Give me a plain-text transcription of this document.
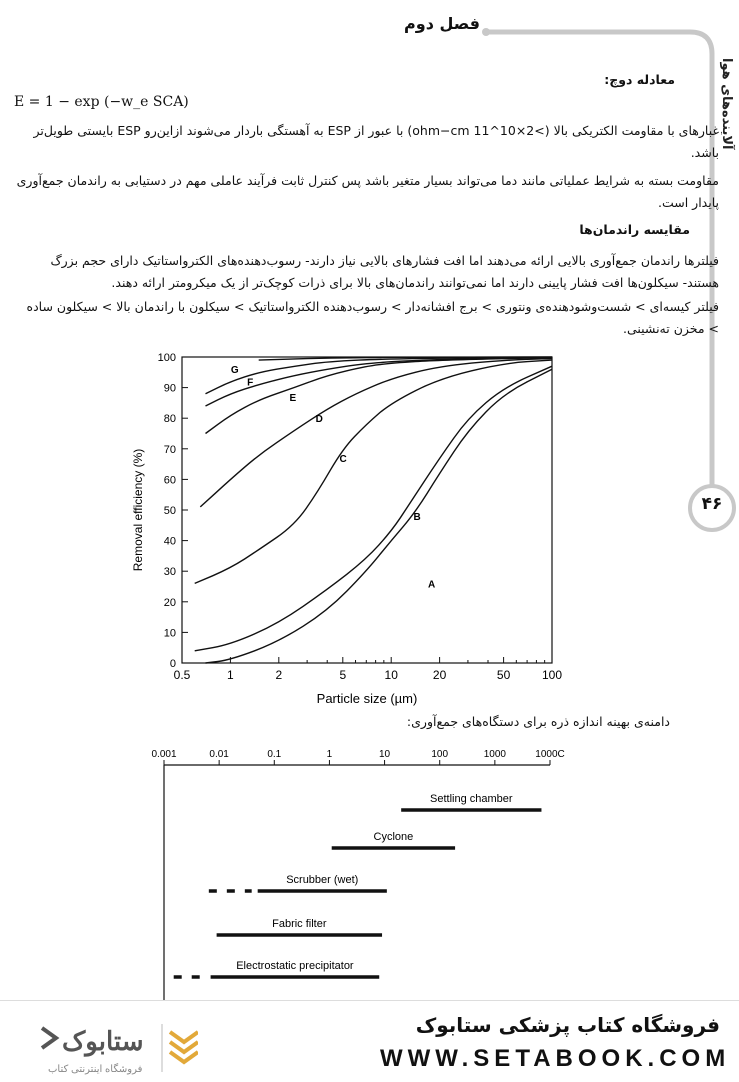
فصل دوم
آلاینده‌های هوا
۴۶
معادله دوچ:
E = 1 − exp (−w_e SCA)
غبارهای با مقاومت الکتریکی بالا (>2×10^11 ohm−cm) با عبور از ESP به آهستگی باردار می‌شوند ازاین‌رو ESP بایستی طویل‌تر باشد.
مقاومت بسته به شرایط عملیاتی مانند دما می‌تواند بسیار متغیر باشد پس کنترل ثابت فرآیند عاملی مهم در دستیابی به راندمان جمع‌آوری پایدار است.
مقایسه راندمان‌ها
فیلترها راندمان جمع‌آوری بالایی ارائه می‌دهند اما افت فشارهای بالایی نیاز دارند- رسوب‌دهنده‌های الکترواستاتیک دارای حجم بزرگ هستند- سیکلون‌ها افت فشار پایینی دارند اما نمی‌توانند راندمان‌های بالا برای ذرات کوچک‌تر از یک میکرومتر ارائه دهند.
فیلتر کیسه‌ای > شست‌وشودهنده‌ی ونتوری > برج افشانه‌دار > رسوب‌دهنده الکترواستاتیک > سیکلون با راندمان بالا > سیکلون ساده > مخزن ته‌نشینی.
0
10
20
30
40
50
60
70
80
90
100
0.5	1	2	5	10	20	50	100
A
B
C
D
E
F
G
Particle size (µm)
Removal efficiency (%)
دامنه‌ی بهینه اندازه ذره برای دستگاه‌های جمع‌آوری:
0.001	0.01	0.1	1	10	100	1000	1000C
Settling chamber
Cyclone
Scrubber (wet)
Fabric filter
Electrostatic precipitator
ستابوک
فروشگاه اینترنتی کتاب
فروشگاه کتاب پزشکی ستابوک
WWW.SETABOOK.COM
